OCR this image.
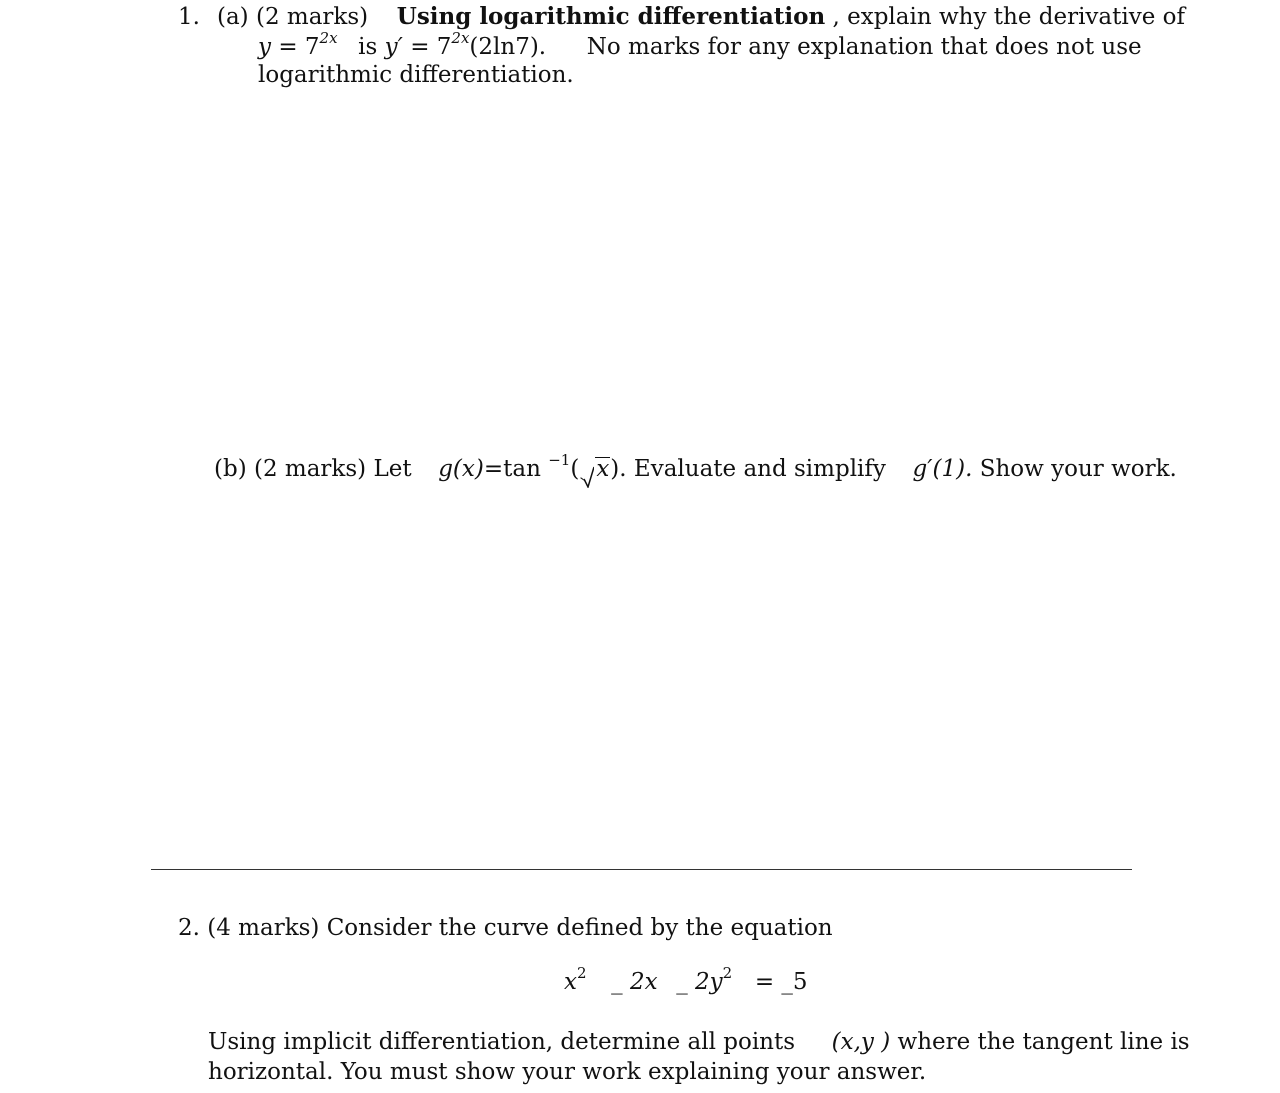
1. (a) (2 marks) Using logarithmic differentiation , explain why the derivative of
$y = 7^{2x}$ is $y' = 7^{2x}(2\ln 7)$. No marks for any explanation that does not use
logarithmic differentiation.
(b) (2 marks) Let g(x)=tan $^{-1}$( x). Evaluate and simplify g′(1). Show your work.
2. (4 marks) Consider the curve defined by the equation
$x^2$ _ 2x _ $2y^2$ = _5
Using implicit differentiation, determine all points (x,y ) where the tangent line is
horizontal. You must show your work explaining your answer.
